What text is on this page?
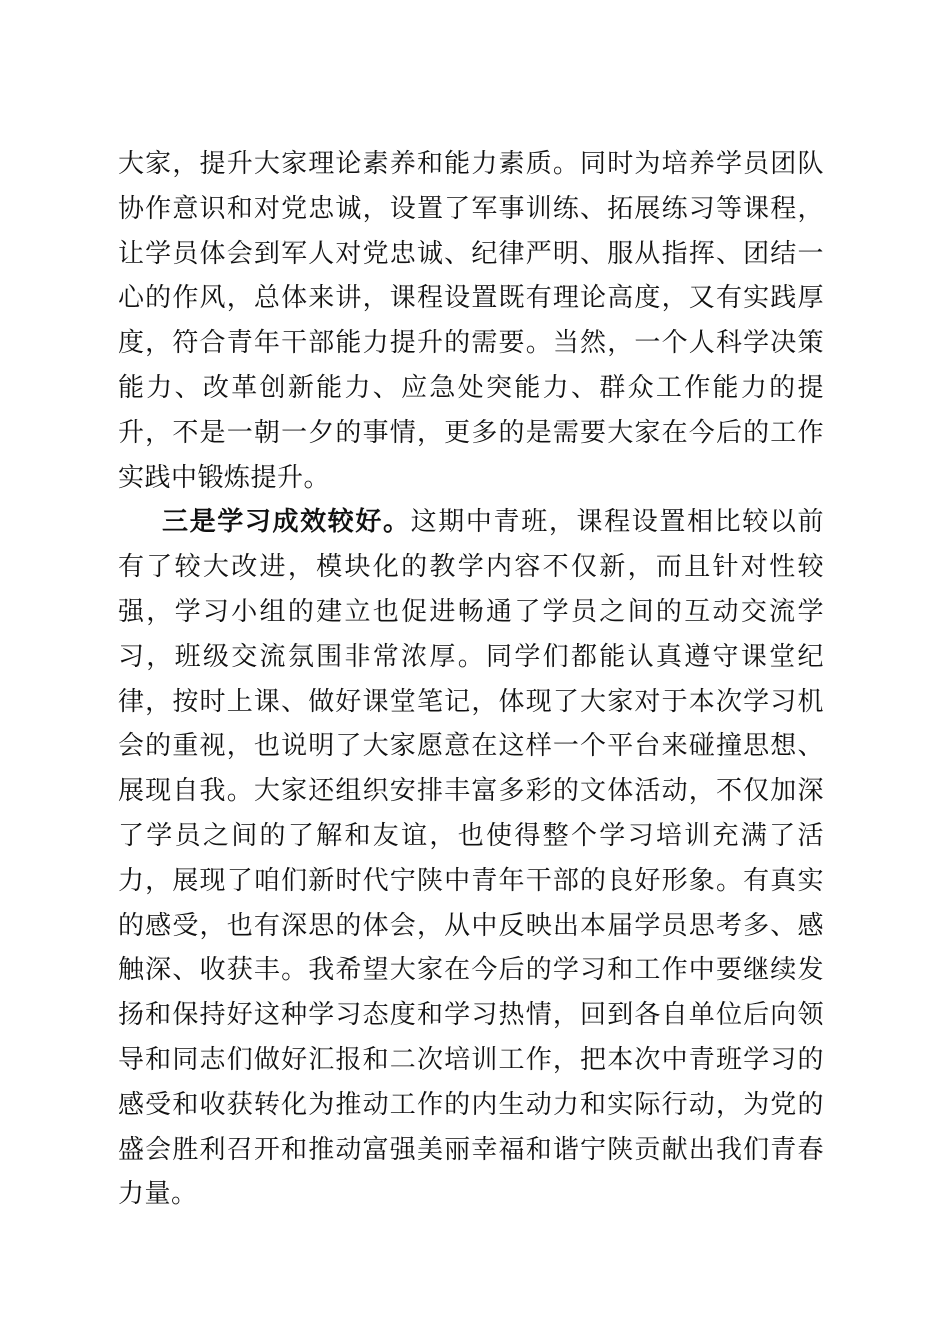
大家，提升大家理论素养和能力素质。同时为培养学员团队协作意识和对党忠诚，设置了军事训练、拓展练习等课程，让学员体会到军人对党忠诚、纪律严明、服从指挥、团结一心的作风，总体来讲，课程设置既有理论高度，又有实践厚度，符合青年干部能力提升的需要。当然，一个人科学决策能力、改革创新能力、应急处突能力、群众工作能力的提升，不是一朝一夕的事情，更多的是需要大家在今后的工作实践中锻炼提升。

三是学习成效较好。这期中青班，课程设置相比较以前有了较大改进，模块化的教学内容不仅新，而且针对性较强，学习小组的建立也促进畅通了学员之间的互动交流学习，班级交流氛围非常浓厚。同学们都能认真遵守课堂纪律，按时上课、做好课堂笔记，体现了大家对于本次学习机会的重视，也说明了大家愿意在这样一个平台来碰撞思想、展现自我。大家还组织安排丰富多彩的文体活动，不仅加深了学员之间的了解和友谊，也使得整个学习培训充满了活力，展现了咱们新时代宁陕中青年干部的良好形象。有真实的感受，也有深思的体会，从中反映出本届学员思考多、感触深、收获丰。我希望大家在今后的学习和工作中要继续发扬和保持好这种学习态度和学习热情，回到各自单位后向领导和同志们做好汇报和二次培训工作，把本次中青班学习的感受和收获转化为推动工作的内生动力和实际行动，为党的盛会胜利召开和推动富强美丽幸福和谐宁陕贡献出我们青春力量。
